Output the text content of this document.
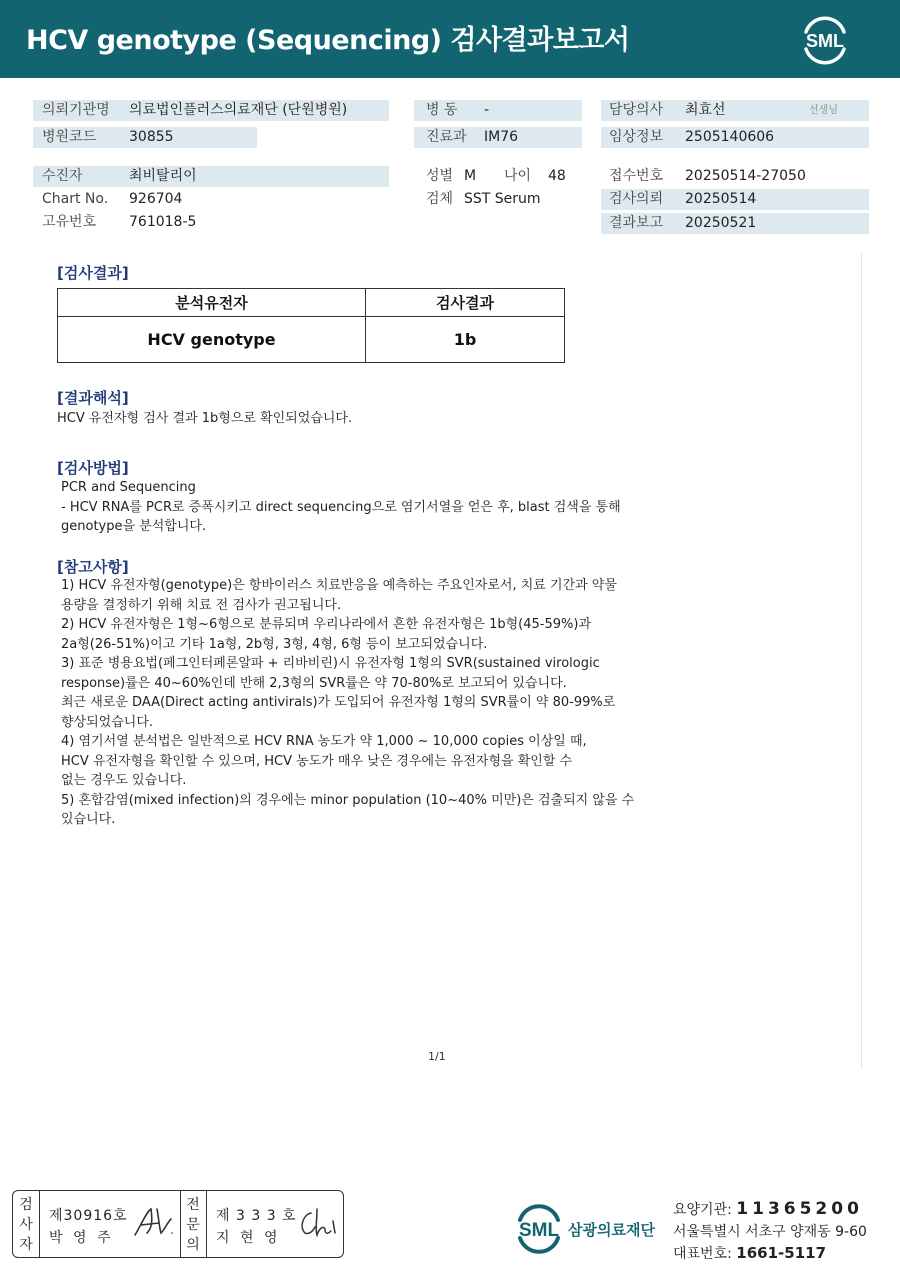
HCV genotype (Sequencing) 검사결과보고서	SML
의뢰기관명 의료법인플러스의료재단 (단원병원)
병원코드 30855
병 동 -
진료과 IM76
담당의사 최효선	선생님
임상정보 2505140606
수진자	최비탈리이
Chart No. 926704
고유번호 761018-5
성별 M 나이 48
검체 SST Serum
접수번호 20250514-27050
검사의뢰 20250514
결과보고 20250521
[검사결과]
분석유전자	검사결과
HCV genotype	1b
[결과해석]
HCV 유전자형 검사 결과 1b형으로 확인되었습니다.
[검사방법]
PCR and Sequencing
- HCV RNA를 PCR로 증폭시키고 direct sequencing으로 염기서열을 얻은 후, blast 검색을 통해
genotype을 분석합니다.
[참고사항]
1) HCV 유전자형(genotype)은 항바이러스 치료반응을 예측하는 주요인자로서, 치료 기간과 약물
용량을 결정하기 위해 치료 전 검사가 권고됩니다.
2) HCV 유전자형은 1형~6형으로 분류되며 우리나라에서 흔한 유전자형은 1b형(45-59%)과
2a형(26-51%)이고 기타 1a형, 2b형, 3형, 4형, 6형 등이 보고되었습니다.
3) 표준 병용요법(페그인터페론알파 + 리바비린)시 유전자형 1형의 SVR(sustained virologic
response)률은 40~60%인데 반해 2,3형의 SVR률은 약 70-80%로 보고되어 있습니다.
최근 새로운 DAA(Direct acting antivirals)가 도입되어 유전자형 1형의 SVR률이 약 80-99%로
향상되었습니다.
4) 염기서열 분석법은 일반적으로 HCV RNA 농도가 약 1,000 ~ 10,000 copies 이상일 때,
HCV 유전자형을 확인할 수 있으며, HCV 농도가 매우 낮은 경우에는 유전자형을 확인할 수
없는 경우도 있습니다.
5) 혼합감염(mixed infection)의 경우에는 minor population (10~40% 미만)은 검출되지 않을 수
있습니다.
1/1
검
사
자
제30916호
박 영 주
전
문
의
제 3 3 3 호
지 현 영	SML 삼광의료재단
요양기관: 11365200
서울특별시 서초구 양재동 9-60
대표번호: 1661-5117
